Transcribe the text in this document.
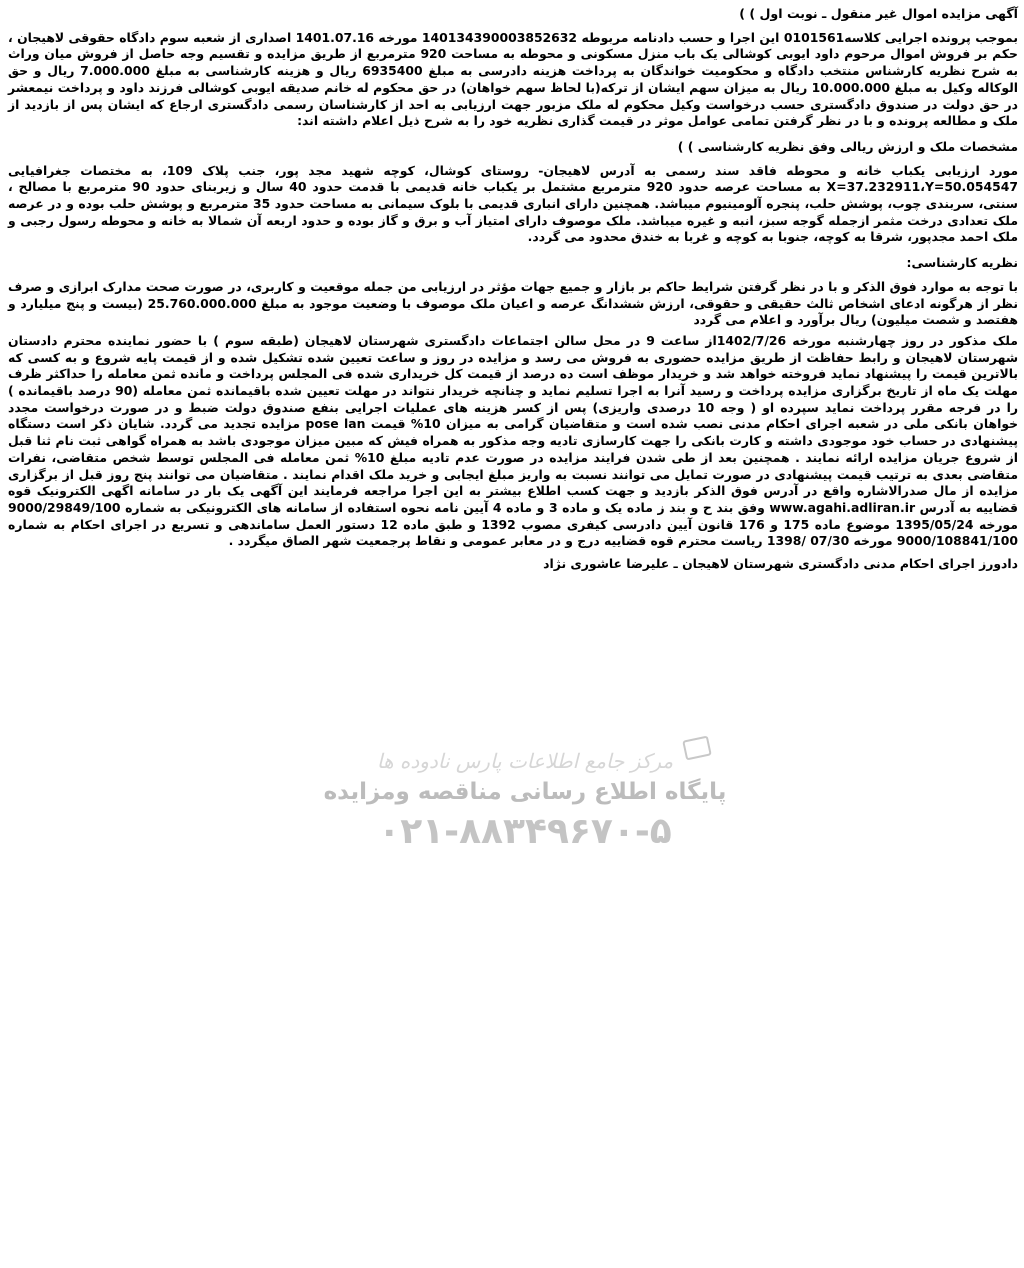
آگهی مزایده اموال غیر منقول ـ نوبت اول ) )
بموجب پرونده اجرایی کلاسه0101561 این اجرا و حسب دادنامه مربوطه 140134390003852632 مورخه 1401.07.16 اصداری از شعبه سوم دادگاه حقوقی لاهیجان ، حکم بر فروش اموال مرحوم داود ایوبی کوشالی یک باب منزل مسکونی و محوطه به مساحت 920 مترمربع از طریق مزایده و تقسیم وجه حاصل از فروش میان وراث به شرح نظریه کارشناس منتخب دادگاه و محکومیت خواندگان به پرداخت هزینه دادرسی به مبلغ 6935400 ریال و هزینه کارشناسی به مبلغ 7.000.000 ریال و حق الوکاله وکیل به مبلغ 10.000.000 ریال به میزان سهم ایشان از ترکه(با لحاظ سهم خواهان) در حق محکوم له خانم صدیقه ایوبی کوشالی فرزند داود و پرداخت نیمعشر در حق دولت در صندوق دادگستری حسب درخواست وکیل محکوم له ملک مزبور جهت ارزیابی به احد از کارشناسان رسمی دادگستری ارجاع که ایشان پس از بازدید از ملک و مطالعه پرونده و با در نظر گرفتن تمامی عوامل موثر در قیمت گذاری نظریه خود را به شرح ذیل اعلام داشته اند:
مشخصات ملک و ارزش ریالی وفق نظریه کارشناسی ) )
مورد ارزیابی یکباب خانه و محوطه فاقد سند رسمی به آدرس لاهیجان- روستای کوشال، کوچه شهید مجد پور، جنب پلاک 109، به مختصات جغرافیایی X=37.232911،Y=50.054547 به مساحت عرصه حدود 920 مترمربع مشتمل بر یکباب خانه قدیمی با قدمت حدود 40 سال و زیربنای حدود 90 مترمربع با مصالح ، سنتی، سربندی چوب، پوشش حلب، پنجره آلومینیوم میباشد. همچنین دارای انباری قدیمی با بلوک سیمانی به مساحت حدود 35 مترمربع و پوشش حلب بوده و در عرصه ملک تعدادی درخت مثمر ازجمله گوجه سبز، انبه و غیره میباشد. ملک موصوف دارای امتیاز آب و برق و گاز بوده و حدود اربعه آن شمالا به خانه و محوطه رسول رجبی و ملک احمد مجدپور، شرقا به کوچه، جنوبا به کوچه و غربا به خندق محدود می گردد.
نظریه کارشناسی:
با توجه به موارد فوق الذکر و با در نظر گرفتن شرایط حاکم بر بازار و جمیع جهات مؤثر در ارزیابی من جمله موقعیت و کاربری، در صورت صحت مدارک ابرازی و صرف نظر از هرگونه ادعای اشخاص ثالث حقیقی و حقوقی، ارزش ششدانگ عرصه و اعیان ملک موصوف با وضعیت موجود به مبلغ 25.760.000.000 (بیست و پنج میلیارد و هفتصد و شصت میلیون) ریال برآورد و اعلام می گردد
ملک مذکور در روز چهارشنبه مورخه 1402/7/26از ساعت 9 در محل سالن اجتماعات دادگستری شهرستان لاهیجان (طبقه سوم ) با حضور نماینده محترم دادستان شهرستان لاهیجان و رابط حفاظت از طریق مزایده حضوری به فروش می رسد و مزایده در روز و ساعت تعیین شده تشکیل شده و از قیمت پایه شروع و به کسی که بالاترین قیمت را پیشنهاد نماید فروخته خواهد شد و خریدار موظف است ده درصد از قیمت کل خریداری شده فی المجلس پرداخت و مانده ثمن معامله را حداکثر ظرف مهلت یک ماه از تاریخ برگزاری مزایده پرداخت و رسید آنرا به اجرا تسلیم نماید و چنانچه خریدار نتواند در مهلت تعیین شده باقیمانده ثمن معامله (90 درصد باقیمانده ) را در فرجه مقرر پرداخت نماید سپرده او ( وجه 10 درصدی واریزی) پس از کسر هزینه های عملیات اجرایی بنفع صندوق دولت ضبط و در صورت درخواست مجدد خواهان بانکی ملی در شعبه اجرای احکام مدنی نصب شده است و متقاضیان گرامی به میزان 10% قیمت pose lan مزایده تجدید می گردد. شایان ذکر است دستگاه پیشنهادی در حساب خود موجودی داشته و کارت بانکی را جهت کارسازی تادیه وجه مذکور به همراه فیش که مبین میزان موجودی باشد به همراه گواهی ثبت نام ثنا قبل از شروع جریان مزایده ارائه نمایند . همچنین بعد از طی شدن فرایند مزایده در صورت عدم تادیه مبلغ 10% ثمن معامله فی المجلس توسط شخص متقاضی، نفرات متقاضی بعدی به ترتیب قیمت پیشنهادی در صورت تمایل می توانند نسبت به واریز مبلغ ایجابی و خرید ملک اقدام نمایند . متقاضیان می توانند پنج روز قبل از برگزاری مزایده از مال صدرالاشاره واقع در آدرس فوق الذکر بازدید و جهت کسب اطلاع بیشتر به این اجرا مراجعه فرمایند این آگهی یک بار در سامانه اگهی الکترونیک قوه قضاییه به آدرس www.agahi.adliran.ir وفق بند ح و بند ز ماده یک و ماده 3 و ماده 4 آیین نامه نحوه استفاده از سامانه های الکترونیکی به شماره 9000/29849/100 مورخه 1395/05/24 موضوع ماده 175 و 176 قانون آیین دادرسی کیفری مصوب 1392 و طبق ماده 12 دستور العمل ساماندهی و تسریع در اجرای احکام به شماره 9000/108841/100 مورخه 07/30 /1398 ریاست محترم قوه قضاییه درج و در معابر عمومی و نقاط پرجمعیت شهر الصاق میگردد .
دادورز اجرای احکام مدنی دادگستری شهرستان لاهیجان ـ علیرضا عاشوری نژاد
مرکز جامع اطلاعات پارس نادوده ها
پایگاه اطلاع رسانی مناقصه ومزایده
۰۲۱-۸۸۳۴۹۶۷۰-۵
